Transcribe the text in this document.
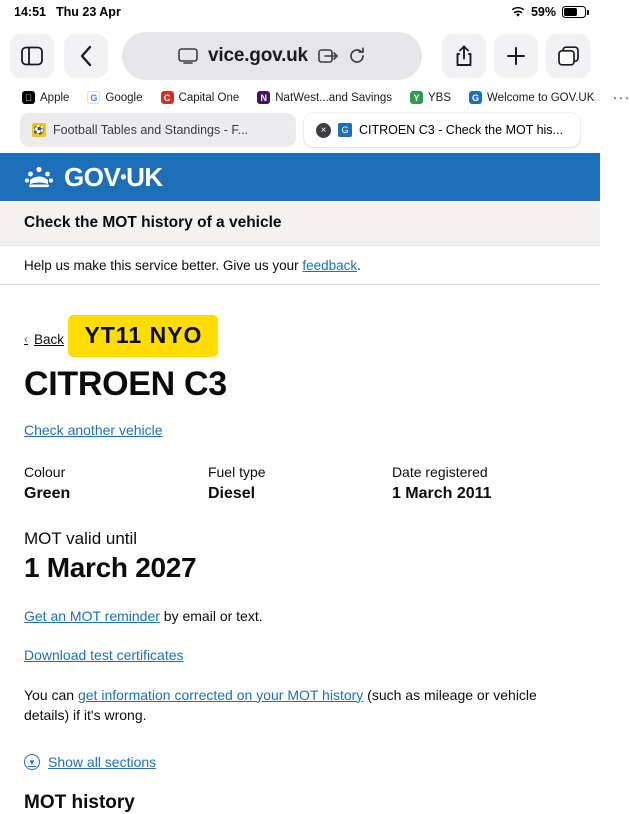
14:51 Thu 23 Apr	59%
vice.gov.uk
Apple	G Google	C Capital One	N NatWest...and Savings	Y YBS	G Welcome to GOV.UK ···
⚽ Football Tables and Standings - F...	×	G CITROEN C3 - Check the MOT his...
GOV•UK
Check the MOT history of a vehicle
Help us make this service better. Give us your feedback.
‹ Back YT11 NYO
CITROEN C3
Check another vehicle
Colour
Green
Fuel type
Diesel
Date registered
1 March 2011
MOT valid until
1 March 2027
Get an MOT reminder by email or text.
Download test certificates
You can get information corrected on your MOT history (such as mileage or vehicle details) if it's wrong.
▼ Show all sections
MOT history
